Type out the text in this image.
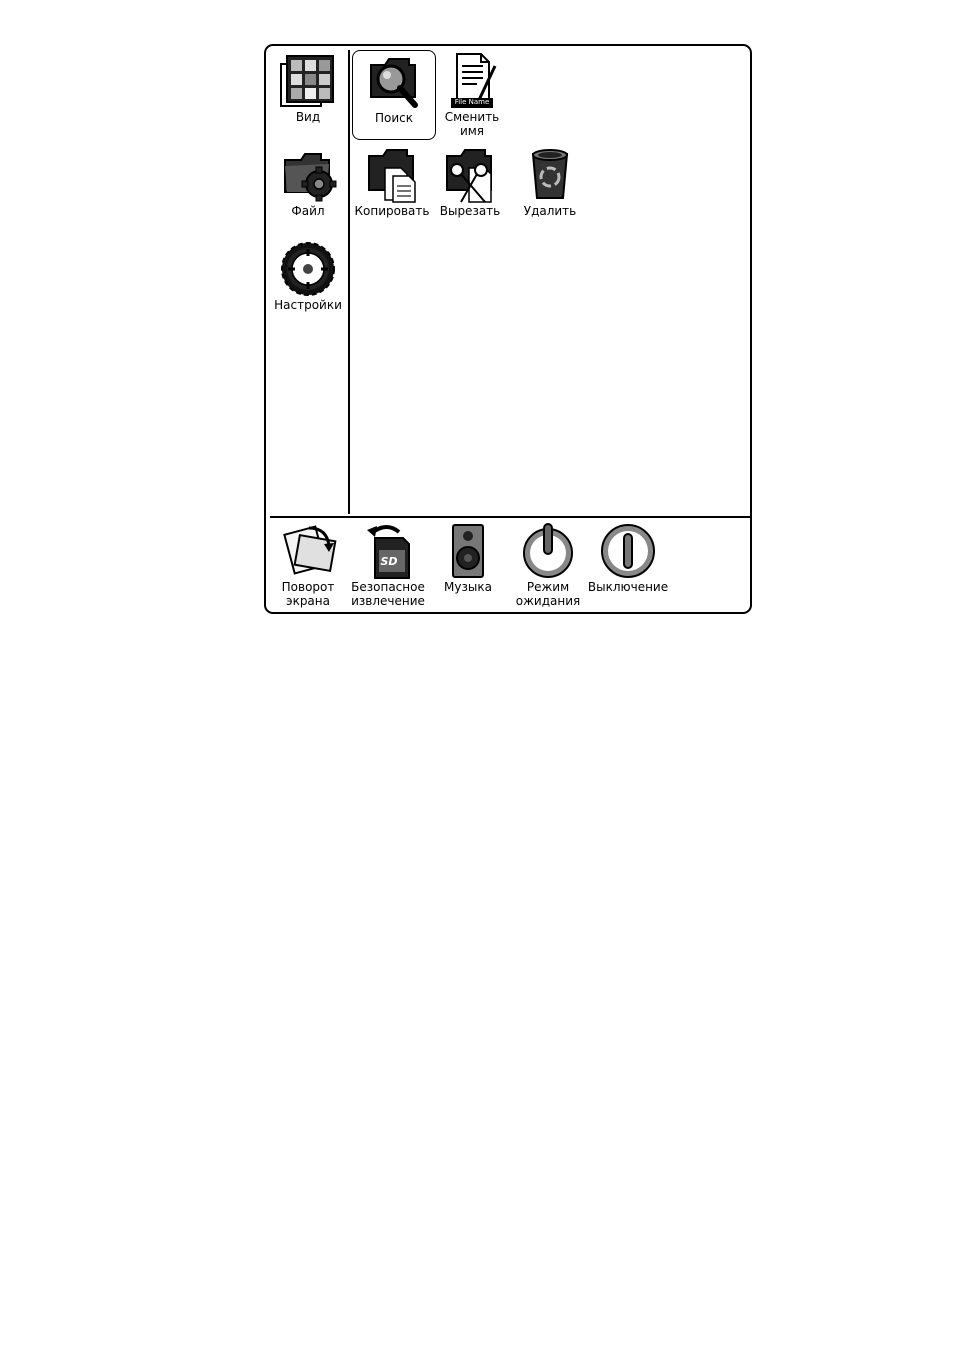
Вид
Файл
Настройки
Поиск
File Name
Сменить
имя
Копировать Вырезать Удалить
Поворот
экрана
SD
Безопасное
извлечение
Музыка	Режим
ожидания
Выключение
